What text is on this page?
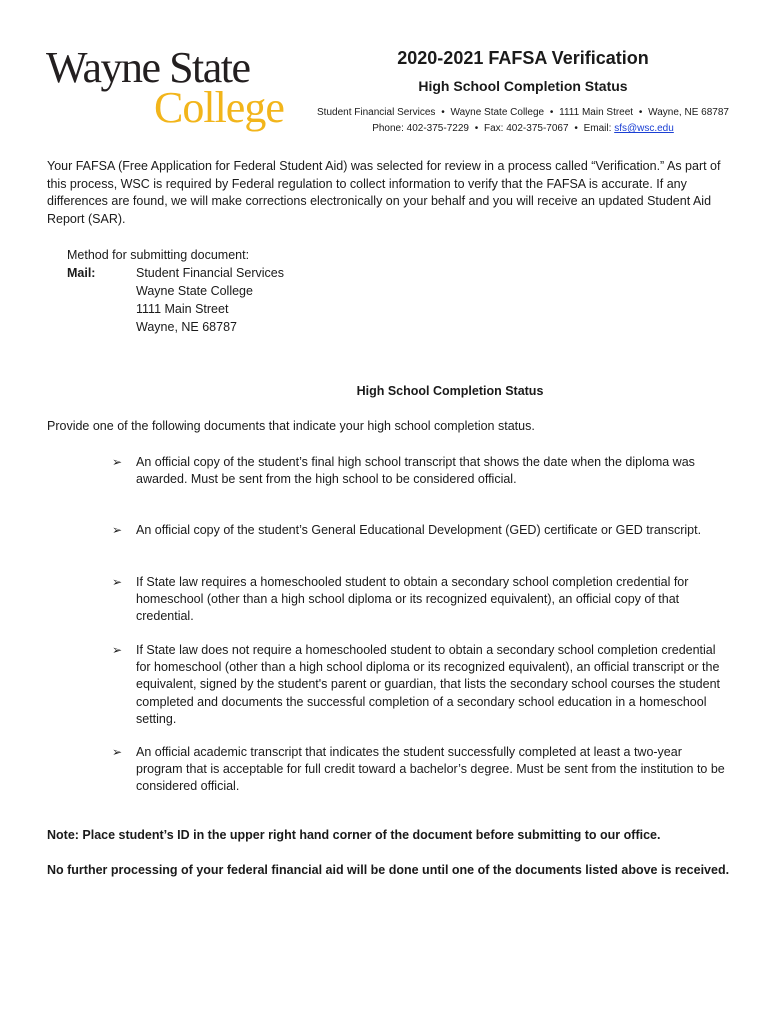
Wayne State
College
2020-2021 FAFSA Verification
High School Completion Status
Student Financial Services • Wayne State College • 1111 Main Street • Wayne, NE 68787
Phone: 402-375-7229 • Fax: 402-375-7067 • Email: sfs@wsc.edu
Your FAFSA (Free Application for Federal Student Aid) was selected for review in a process called “Verification.” As part of this process, WSC is required by Federal regulation to collect information to verify that the FAFSA is accurate. If any differences are found, we will make corrections electronically on your behalf and you will receive an updated Student Aid Report (SAR).
Method for submitting document:
Mail:	Student Financial Services
Wayne State College
1111 Main Street
Wayne, NE 68787
High School Completion Status
Provide one of the following documents that indicate your high school completion status.
➢	An official copy of the student’s final high school transcript that shows the date when the diploma was awarded. Must be sent from the high school to be considered official.
➢	An official copy of the student’s General Educational Development (GED) certificate or GED transcript.
➢	If State law requires a homeschooled student to obtain a secondary school completion credential for homeschool (other than a high school diploma or its recognized equivalent), an official copy of that credential.
➢	If State law does not require a homeschooled student to obtain a secondary school completion credential for homeschool (other than a high school diploma or its recognized equivalent), an official transcript or the equivalent, signed by the student's parent or guardian, that lists the secondary school courses the student completed and documents the successful completion of a secondary school education in a homeschool setting.
➢	An official academic transcript that indicates the student successfully completed at least a two-year program that is acceptable for full credit toward a bachelor’s degree. Must be sent from the institution to be considered official.
Note: Place student’s ID in the upper right hand corner of the document before submitting to our office.
No further processing of your federal financial aid will be done until one of the documents listed above is received.
